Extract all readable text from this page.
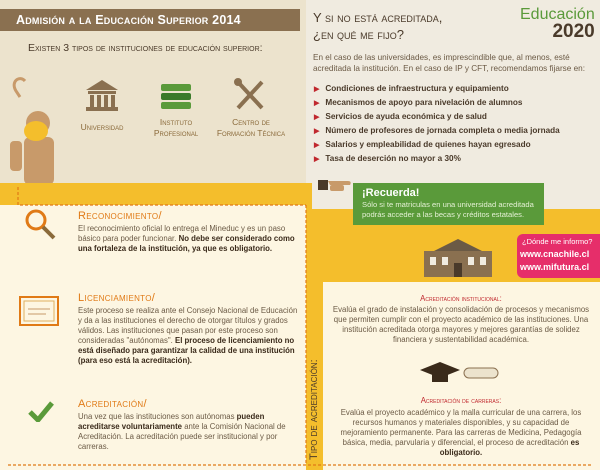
Admisión a la Educación Superior 2014
Existen 3 tipos de instituciones de educación superior:
Universidad	Instituto
Profesional
Centro de
Formación Técnica
Y si no está acreditada,
¿en qué me fijo?
Educación
2020
En el caso de las universidades, es imprescindible que, al menos, esté acreditada la institución. En el caso de IP y CFT, recomendamos fijarse en:
▶ Condiciones de infraestructura y equipamiento
▶ Mecanismos de apoyo para nivelación de alumnos
▶ Servicios de ayuda económica y de salud
▶ Número de profesores de jornada completa o media jornada
▶ Salarios y empleabilidad de quienes hayan egresado
▶ Tasa de deserción no mayor a 30%
¡Recuerda!
Sólo si te matriculas en una universidad acreditada podrás acceder a las becas y créditos estatales.
¿Dónde me informo?
www.cnachile.cl
www.mifutura.cl
Reconocimiento/
El reconocimiento oficial lo entrega el Mineduc y es un paso básico para poder funcionar. No debe ser considerado como una fortaleza de la institución, ya que es obligatorio.
Licenciamiento/
Este proceso se realiza ante el Consejo Nacional de Educación y da a las instituciones el derecho de otorgar títulos y grados válidos. Las instituciones que pasan por este proceso son consideradas "autónomas". El proceso de licenciamiento no está diseñado para garantizar la calidad de una institución (para eso está la acreditación).
Acreditación/
Una vez que las instituciones son autónomas pueden acreditarse voluntariamente ante la Comisión Nacional de Acreditación. La acreditación puede ser institucional y por carreras.	Tipo de acreditación:
Acreditación institucional:
Evalúa el grado de instalación y consolidación de procesos y mecanismos que permiten cumplir con el proyecto académico de las instituciones. Una institución acreditada otorga mayores y mejores garantías de solidez financiera y sustentabilidad académica.
Acreditación de carreras:
Evalúa el proyecto académico y la malla curricular de una carrera, los recursos humanos y materiales disponibles, y su capacidad de mejoramiento permanente. Para las carreras de Medicina, Pedagogía básica, media, parvularia y diferencial, el proceso de acreditación es obligatorio.
